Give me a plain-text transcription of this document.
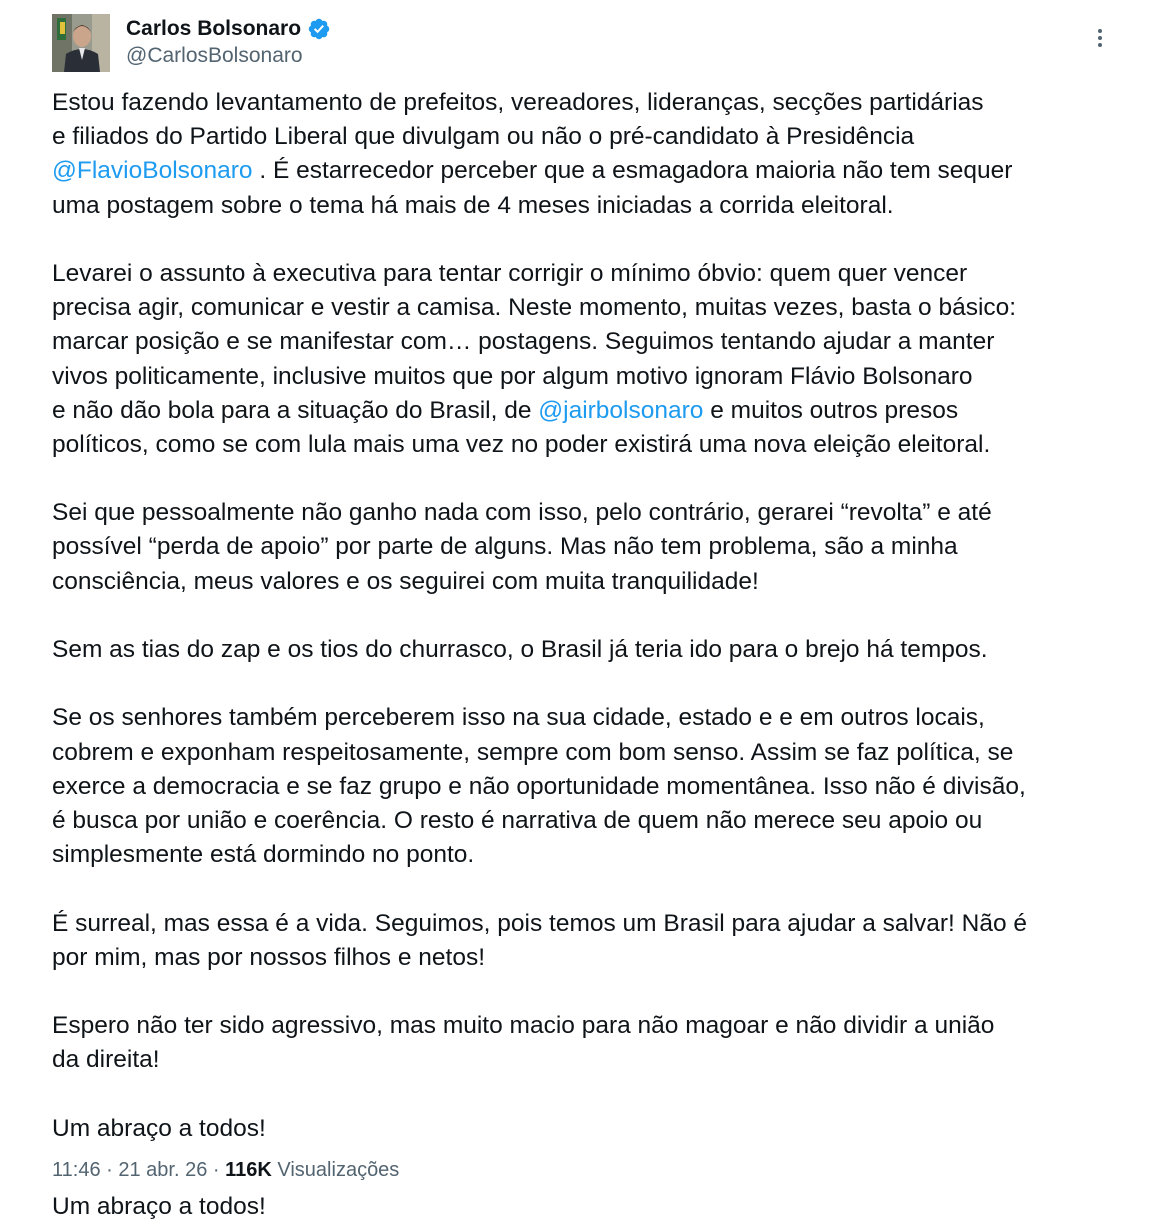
Carlos Bolsonaro
@CarlosBolsonaro
Estou fazendo levantamento de prefeitos, vereadores, lideranças, secções partidárias
e filiados do Partido Liberal que divulgam ou não o pré-candidato à Presidência
@FlavioBolsonaro . É estarrecedor perceber que a esmagadora maioria não tem sequer
uma postagem sobre o tema há mais de 4 meses iniciadas a corrida eleitoral.
Levarei o assunto à executiva para tentar corrigir o mínimo óbvio: quem quer vencer
precisa agir, comunicar e vestir a camisa. Neste momento, muitas vezes, basta o básico:
marcar posição e se manifestar com… postagens. Seguimos tentando ajudar a manter
vivos politicamente, inclusive muitos que por algum motivo ignoram Flávio Bolsonaro
e não dão bola para a situação do Brasil, de @jairbolsonaro e muitos outros presos
políticos, como se com lula mais uma vez no poder existirá uma nova eleição eleitoral.
Sei que pessoalmente não ganho nada com isso, pelo contrário, gerarei “revolta” e até
possível “perda de apoio” por parte de alguns. Mas não tem problema, são a minha
consciência, meus valores e os seguirei com muita tranquilidade!
Sem as tias do zap e os tios do churrasco, o Brasil já teria ido para o brejo há tempos.
Se os senhores também perceberem isso na sua cidade, estado e e em outros locais,
cobrem e exponham respeitosamente, sempre com bom senso. Assim se faz política, se
exerce a democracia e se faz grupo e não oportunidade momentânea. Isso não é divisão,
é busca por união e coerência. O resto é narrativa de quem não merece seu apoio ou
simplesmente está dormindo no ponto.
É surreal, mas essa é a vida. Seguimos, pois temos um Brasil para ajudar a salvar! Não é
por mim, mas por nossos filhos e netos!
Espero não ter sido agressivo, mas muito macio para não magoar e não dividir a união
da direita!
Um abraço a todos!
11:46 · 21 abr. 26 · 116K Visualizações
Um abraço a todos!
